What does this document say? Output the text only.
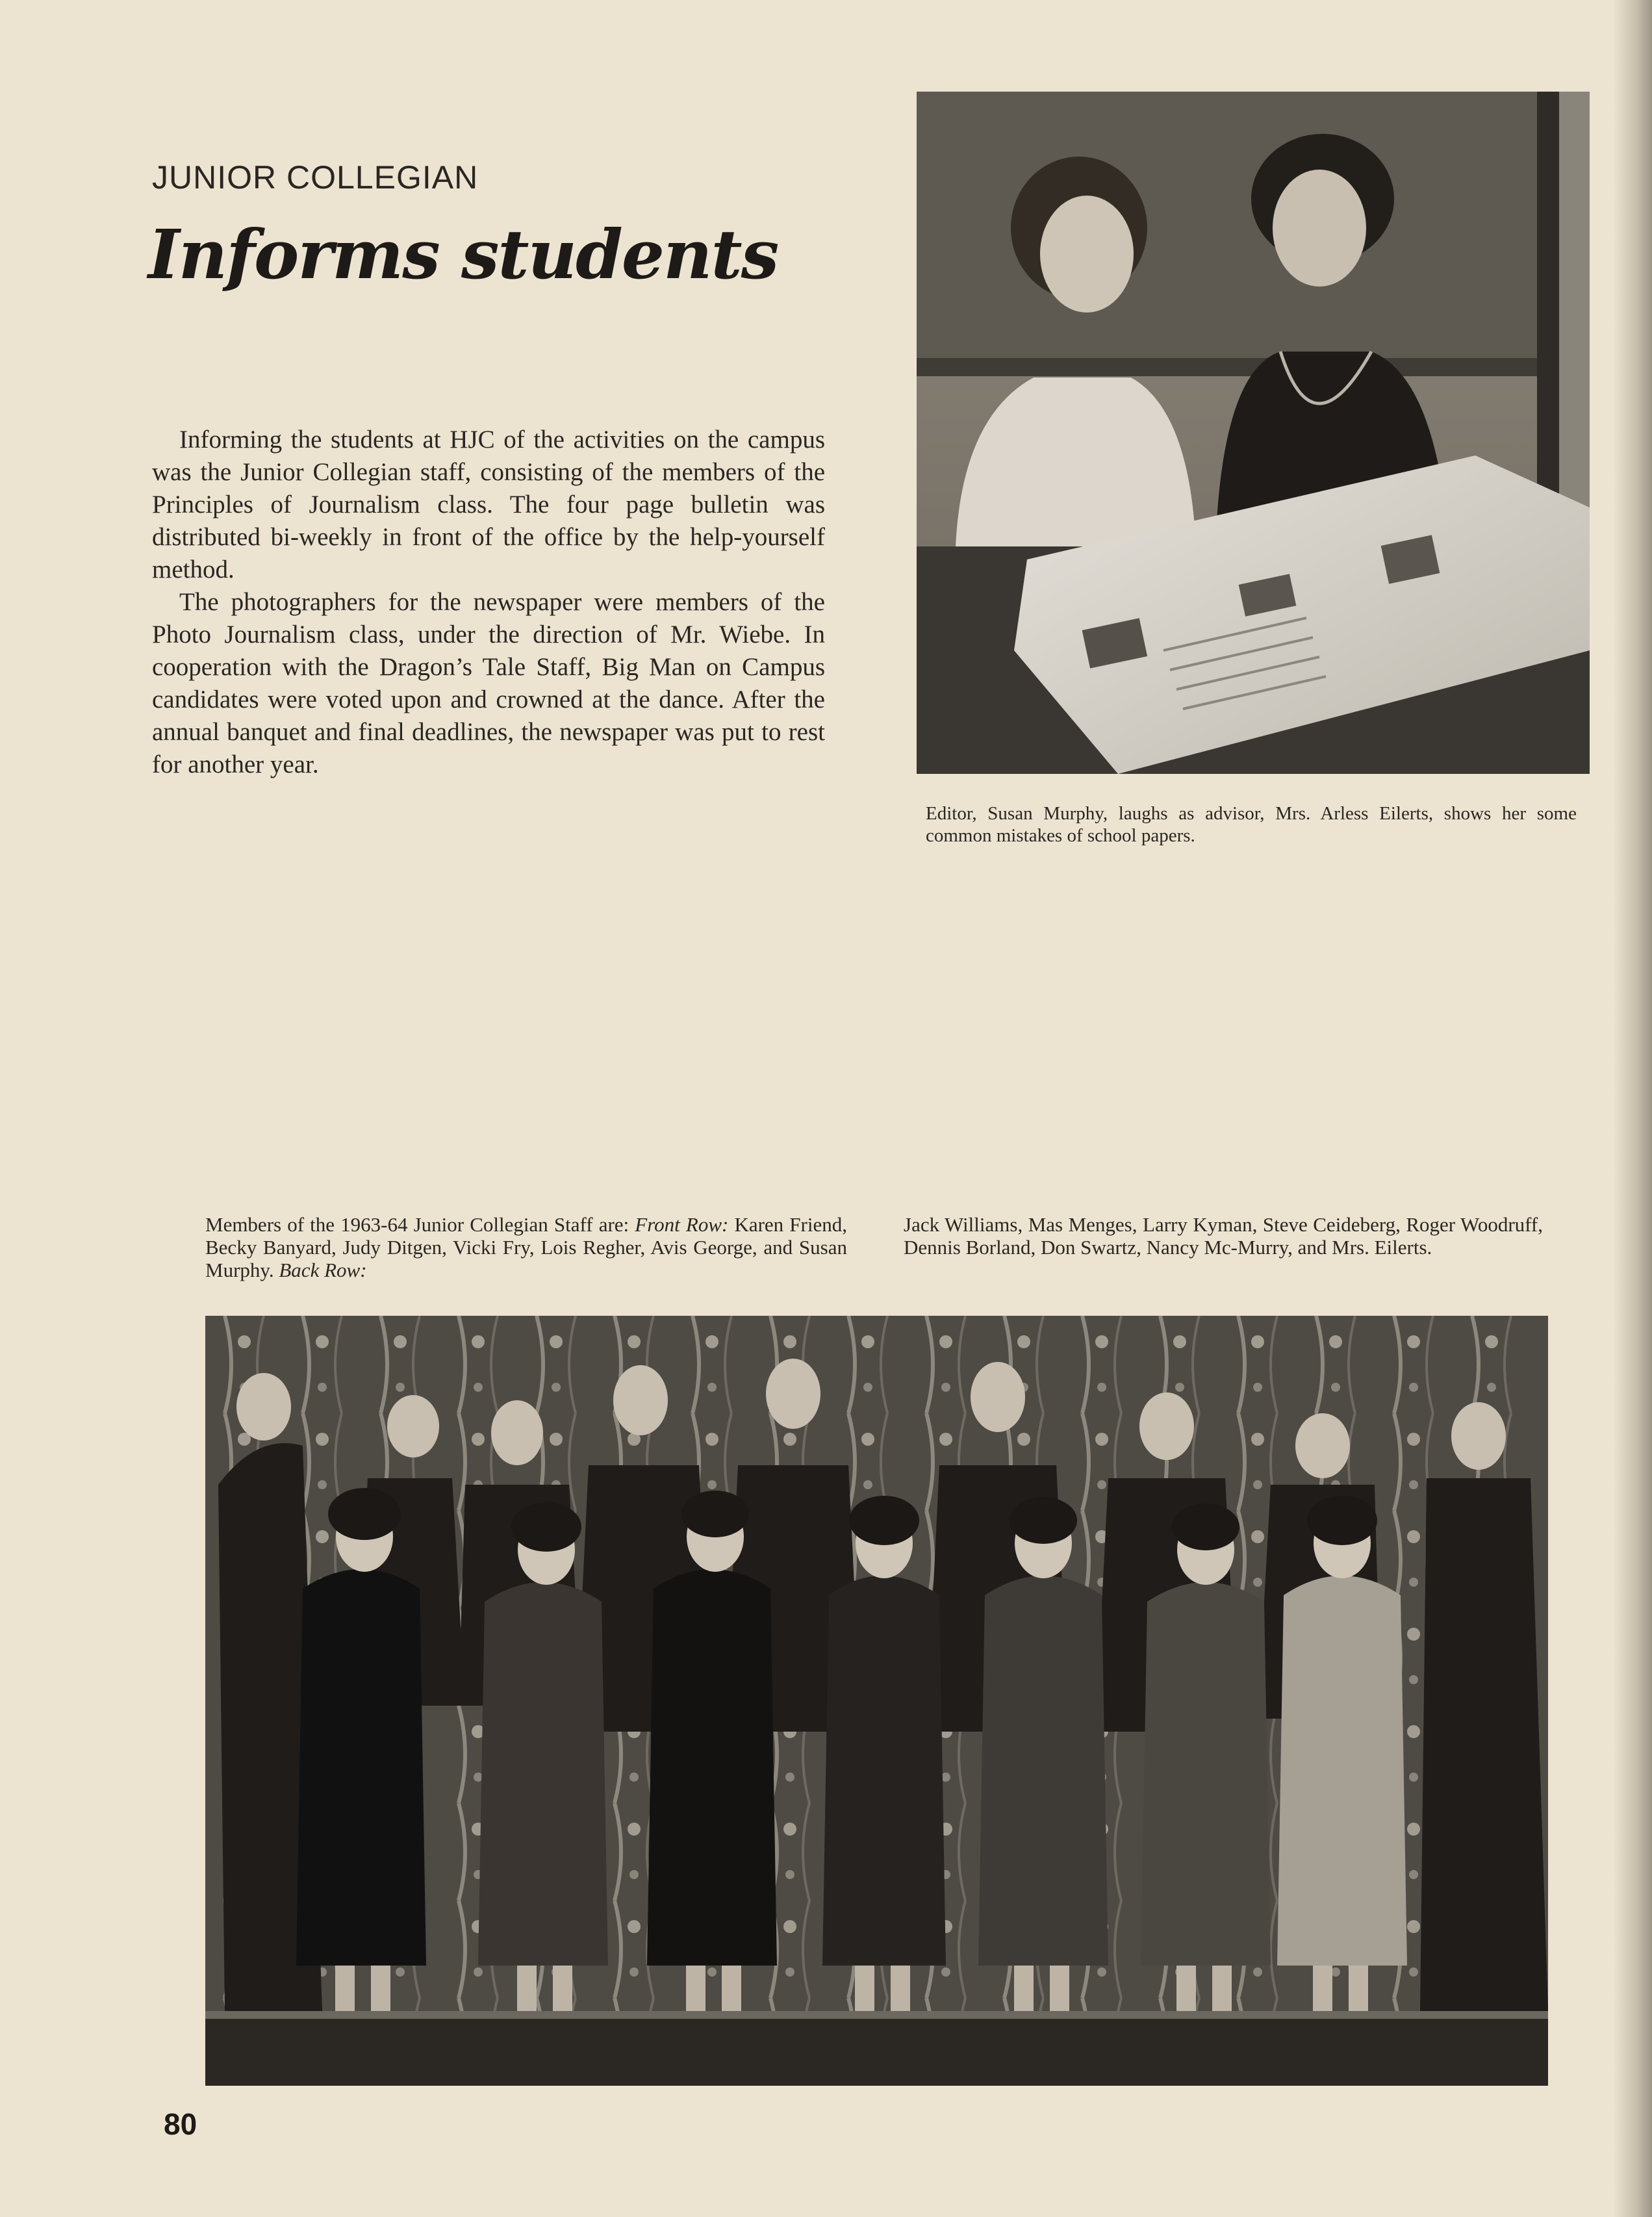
JUNIOR COLLEGIAN
Informs students

Informing the students at HJC of the activities on the campus was the Junior Collegian staff, consisting of the members of the Principles of Journalism class. The four page bulletin was distributed bi-weekly in front of the office by the help-yourself method.

The photographers for the newspaper were members of the Photo Journalism class, under the direction of Mr. Wiebe. In cooperation with the Dragon’s Tale Staff, Big Man on Campus candidates were voted upon and crowned at the dance. After the annual banquet and final deadlines, the newspaper was put to rest for another year.

Editor, Susan Murphy, laughs as advisor, Mrs. Arless Eilerts, shows her some common mistakes of school papers.
Members of the 1963-64 Junior Collegian Staff are: Front Row: Karen Friend, Becky Banyard, Judy Ditgen, Vicki Fry, Lois Regher, Avis George, and Susan Murphy. Back Row:
Jack Williams, Mas Menges, Larry Kyman, Steve Ceideberg, Roger Woodruff, Dennis Borland, Don Swartz, Nancy Mc-Murry, and Mrs. Eilerts.
80
